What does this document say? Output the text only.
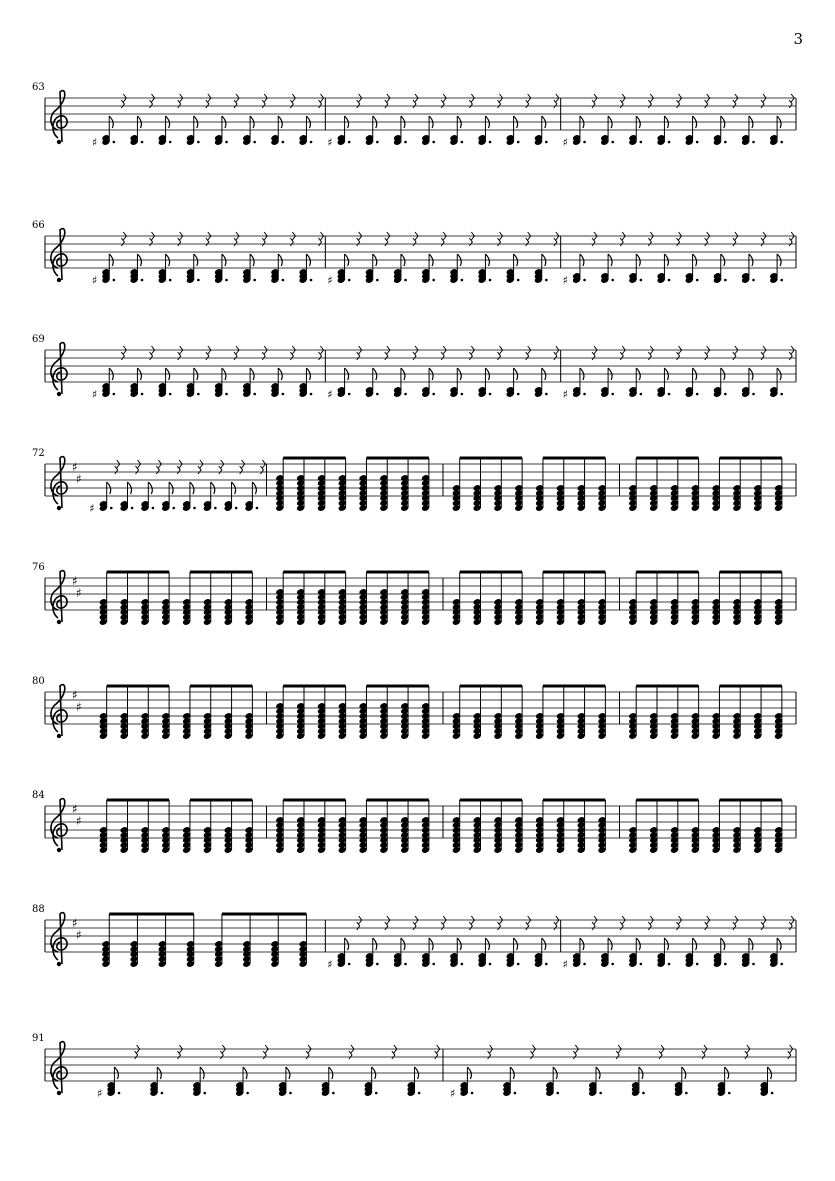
3
63
♯	♯	♯
66
♯	♯	♯
69
♯	♯	♯
72
♯
♯
♯
76
♯
♯
80
♯
♯
84
♯
♯
88
♯
♯
♯	♯
91
♯	♯
